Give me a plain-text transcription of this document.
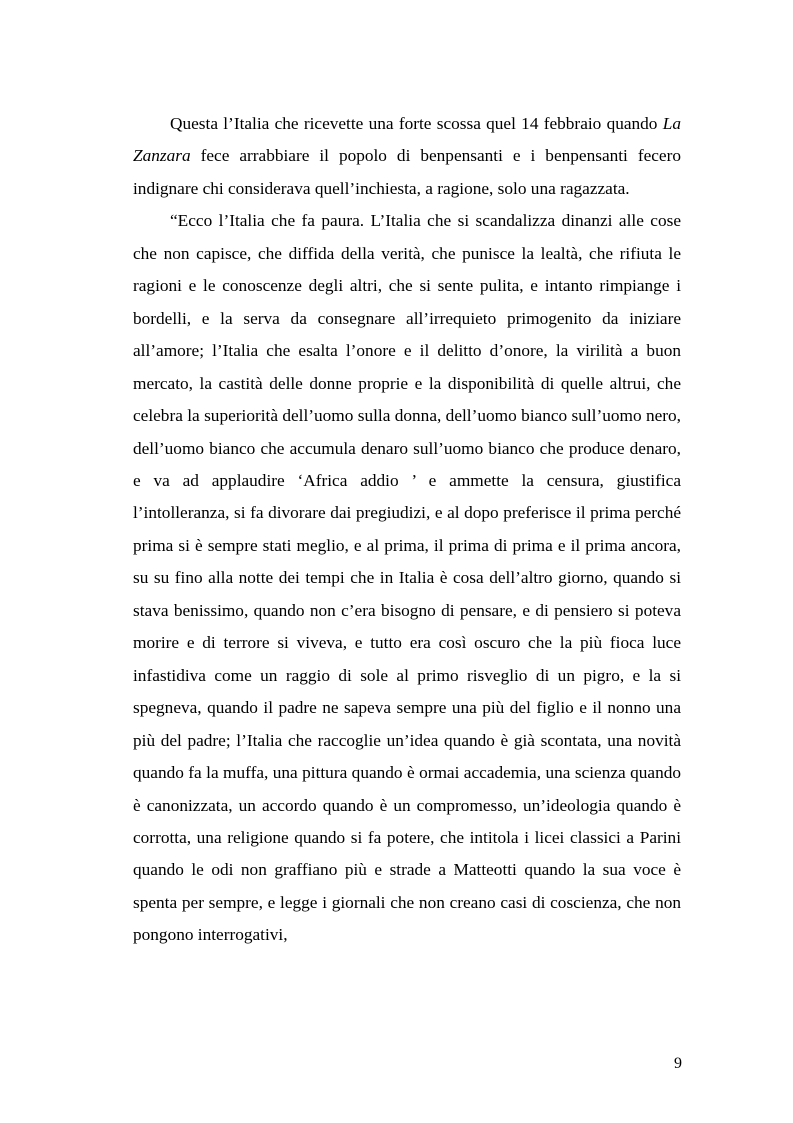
Questa l’Italia che ricevette una forte scossa quel 14 febbraio quando La Zanzara fece arrabbiare il popolo di benpensanti e i benpensanti fecero indignare chi considerava quell’inchiesta, a ragione, solo una ragazzata.

“Ecco l’Italia che fa paura. L’Italia che si scandalizza dinanzi alle cose che non capisce, che diffida della verità, che punisce la lealtà, che rifiuta le ragioni e le conoscenze degli altri, che si sente pulita, e intanto rimpiange i bordelli, e la serva da consegnare all’irrequieto primogenito da iniziare all’amore; l’Italia che esalta l’onore e il delitto d’onore, la virilità a buon mercato, la castità delle donne proprie e la disponibilità di quelle altrui, che celebra la superiorità dell’uomo sulla donna, dell’uomo bianco sull’uomo nero, dell’uomo bianco che accumula denaro sull’uomo bianco che produce denaro, e va ad applaudire ‘Africa addio ’ e ammette la censura, giustifica l’intolleranza, si fa divorare dai pregiudizi, e al dopo preferisce il prima perché prima si è sempre stati meglio, e al prima, il prima di prima e il prima ancora, su su fino alla notte dei tempi che in Italia è cosa dell’altro giorno, quando si stava benissimo, quando non c’era bisogno di pensare, e di pensiero si poteva morire e di terrore si viveva, e tutto era così oscuro che la più fioca luce infastidiva come un raggio di sole al primo risveglio di un pigro, e la si spegneva, quando il padre ne sapeva sempre una più del figlio e il nonno una più del padre; l’Italia che raccoglie un’idea quando è già scontata, una novità quando fa la muffa, una pittura quando è ormai accademia, una scienza quando è canonizzata, un accordo quando è un compromesso, un’ideologia quando è corrotta, una religione quando si fa potere, che intitola i licei classici a Parini quando le odi non graffiano più e strade a Matteotti quando la sua voce è spenta per sempre, e legge i giornali che non creano casi di coscienza, che non pongono interrogativi,

9
